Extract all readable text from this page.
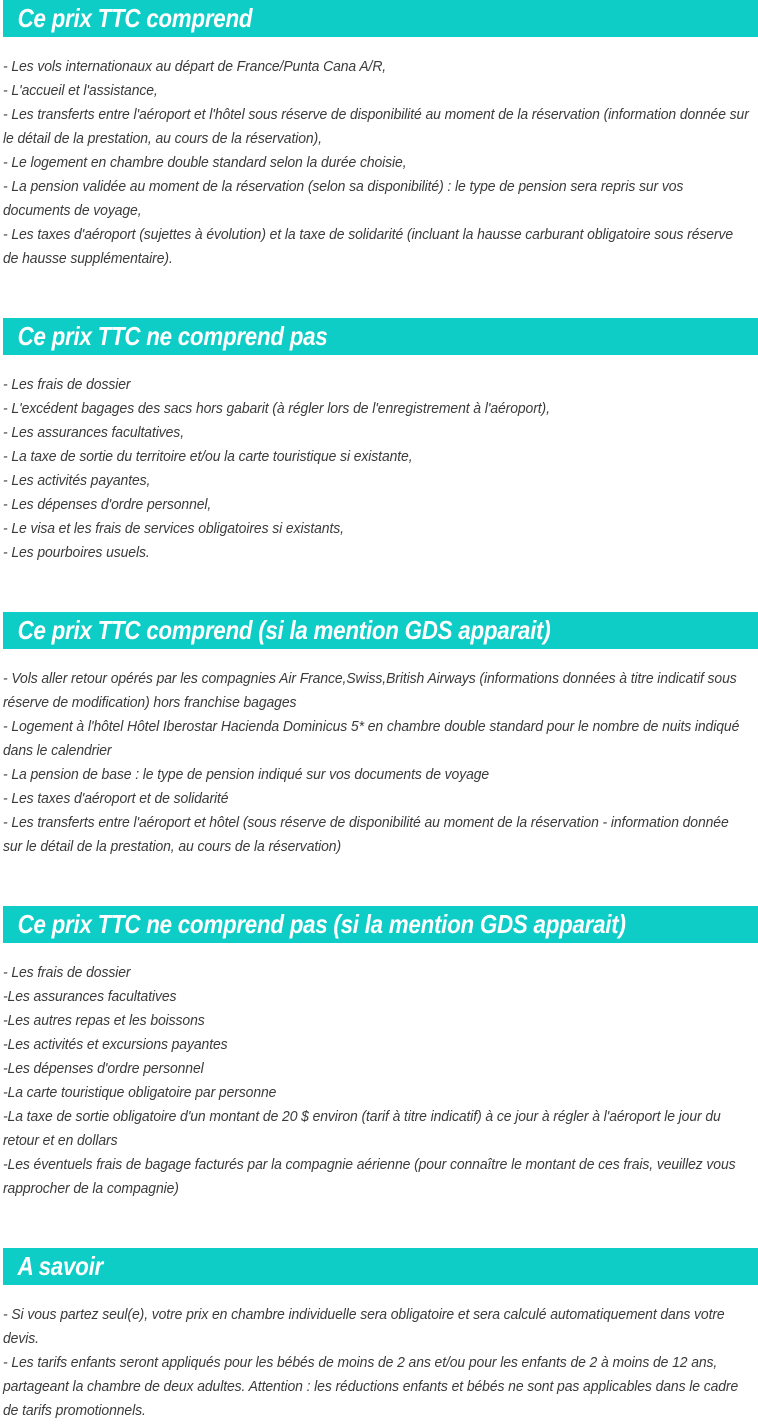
Ce prix TTC comprend

- Les vols internationaux au départ de France/Punta Cana A/R,

- L'accueil et l'assistance,

- Les transferts entre l'aéroport et l'hôtel sous réserve de disponibilité au moment de la réservation (information donnée sur le détail de la prestation, au cours de la réservation),

- Le logement en chambre double standard selon la durée choisie,

- La pension validée au moment de la réservation (selon sa disponibilité) : le type de pension sera repris sur vos documents de voyage,

- Les taxes d'aéroport (sujettes à évolution) et la taxe de solidarité (incluant la hausse carburant obligatoire sous réserve de hausse supplémentaire).

Ce prix TTC ne comprend pas

- Les frais de dossier

- L'excédent bagages des sacs hors gabarit (à régler lors de l'enregistrement à l'aéroport),

- Les assurances facultatives,

- La taxe de sortie du territoire et/ou la carte touristique si existante,

- Les activités payantes,

- Les dépenses d'ordre personnel,

- Le visa et les frais de services obligatoires si existants,

- Les pourboires usuels.

Ce prix TTC comprend (si la mention GDS apparait)

- Vols aller retour opérés par les compagnies Air France,Swiss,British Airways (informations données à titre indicatif sous réserve de modification) hors franchise bagages

- Logement à l'hôtel Hôtel Iberostar Hacienda Dominicus 5* en chambre double standard pour le nombre de nuits indiqué dans le calendrier

- La pension de base : le type de pension indiqué sur vos documents de voyage

- Les taxes d'aéroport et de solidarité

- Les transferts entre l'aéroport et hôtel (sous réserve de disponibilité au moment de la réservation - information donnée sur le détail de la prestation, au cours de la réservation)

Ce prix TTC ne comprend pas (si la mention GDS apparait)

- Les frais de dossier

-Les assurances facultatives

-Les autres repas et les boissons

-Les activités et excursions payantes

-Les dépenses d'ordre personnel

-La carte touristique obligatoire par personne

-La taxe de sortie obligatoire d'un montant de 20 $ environ (tarif à titre indicatif) à ce jour à régler à l'aéroport le jour du retour et en dollars

-Les éventuels frais de bagage facturés par la compagnie aérienne (pour connaître le montant de ces frais, veuillez vous rapprocher de la compagnie)

A savoir

- Si vous partez seul(e), votre prix en chambre individuelle sera obligatoire et sera calculé automatiquement dans votre devis.

- Les tarifs enfants seront appliqués pour les bébés de moins de 2 ans et/ou pour les enfants de 2 à moins de 12 ans, partageant la chambre de deux adultes. Attention : les réductions enfants et bébés ne sont pas applicables dans le cadre de tarifs promotionnels.
